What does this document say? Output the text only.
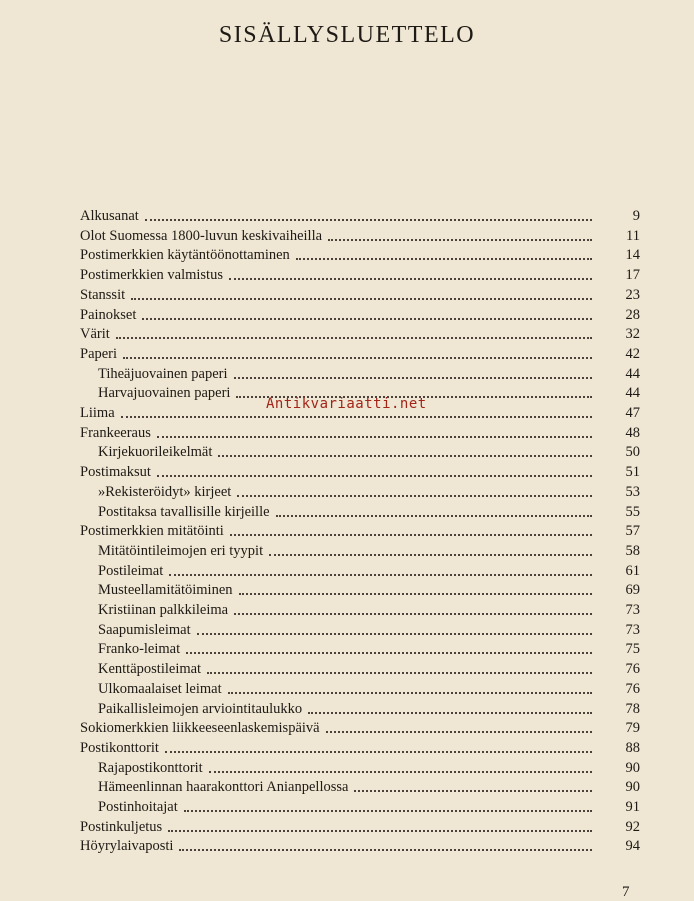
SISÄLLYSLUETTELO
Alkusanat	9
Olot Suomessa 1800-luvun keskivaiheilla	11
Postimerkkien käytäntöönottaminen	14
Postimerkkien valmistus	17
Stanssit	23
Painokset	28
Värit	32
Paperi	42
Tiheäjuovainen paperi	44
Harvajuovainen paperi	44
Liima	47
Frankeeraus	48
Kirjekuorileikelmät	50
Postimaksut	51
»Rekisteröidyt» kirjeet	53
Postitaksa tavallisille kirjeille	55
Postimerkkien mitätöinti	57
Mitätöintileimojen eri tyypit	58
Postileimat	61
Musteellamitätöiminen	69
Kristiinan palkkileima	73
Saapumisleimat	73
Franko-leimat	75
Kenttäpostileimat	76
Ulkomaalaiset leimat	76
Paikallisleimojen arviointitaulukko	78
Sokiomerkkien liikkeeseenlaskemispäivä	79
Postikonttorit	88
Rajapostikonttorit	90
Hämeenlinnan haarakonttori Anianpellossa	90
Postinhoitajat	91
Postinkuljetus	92
Höyrylaivaposti	94
Antikvariaatti.net
7
